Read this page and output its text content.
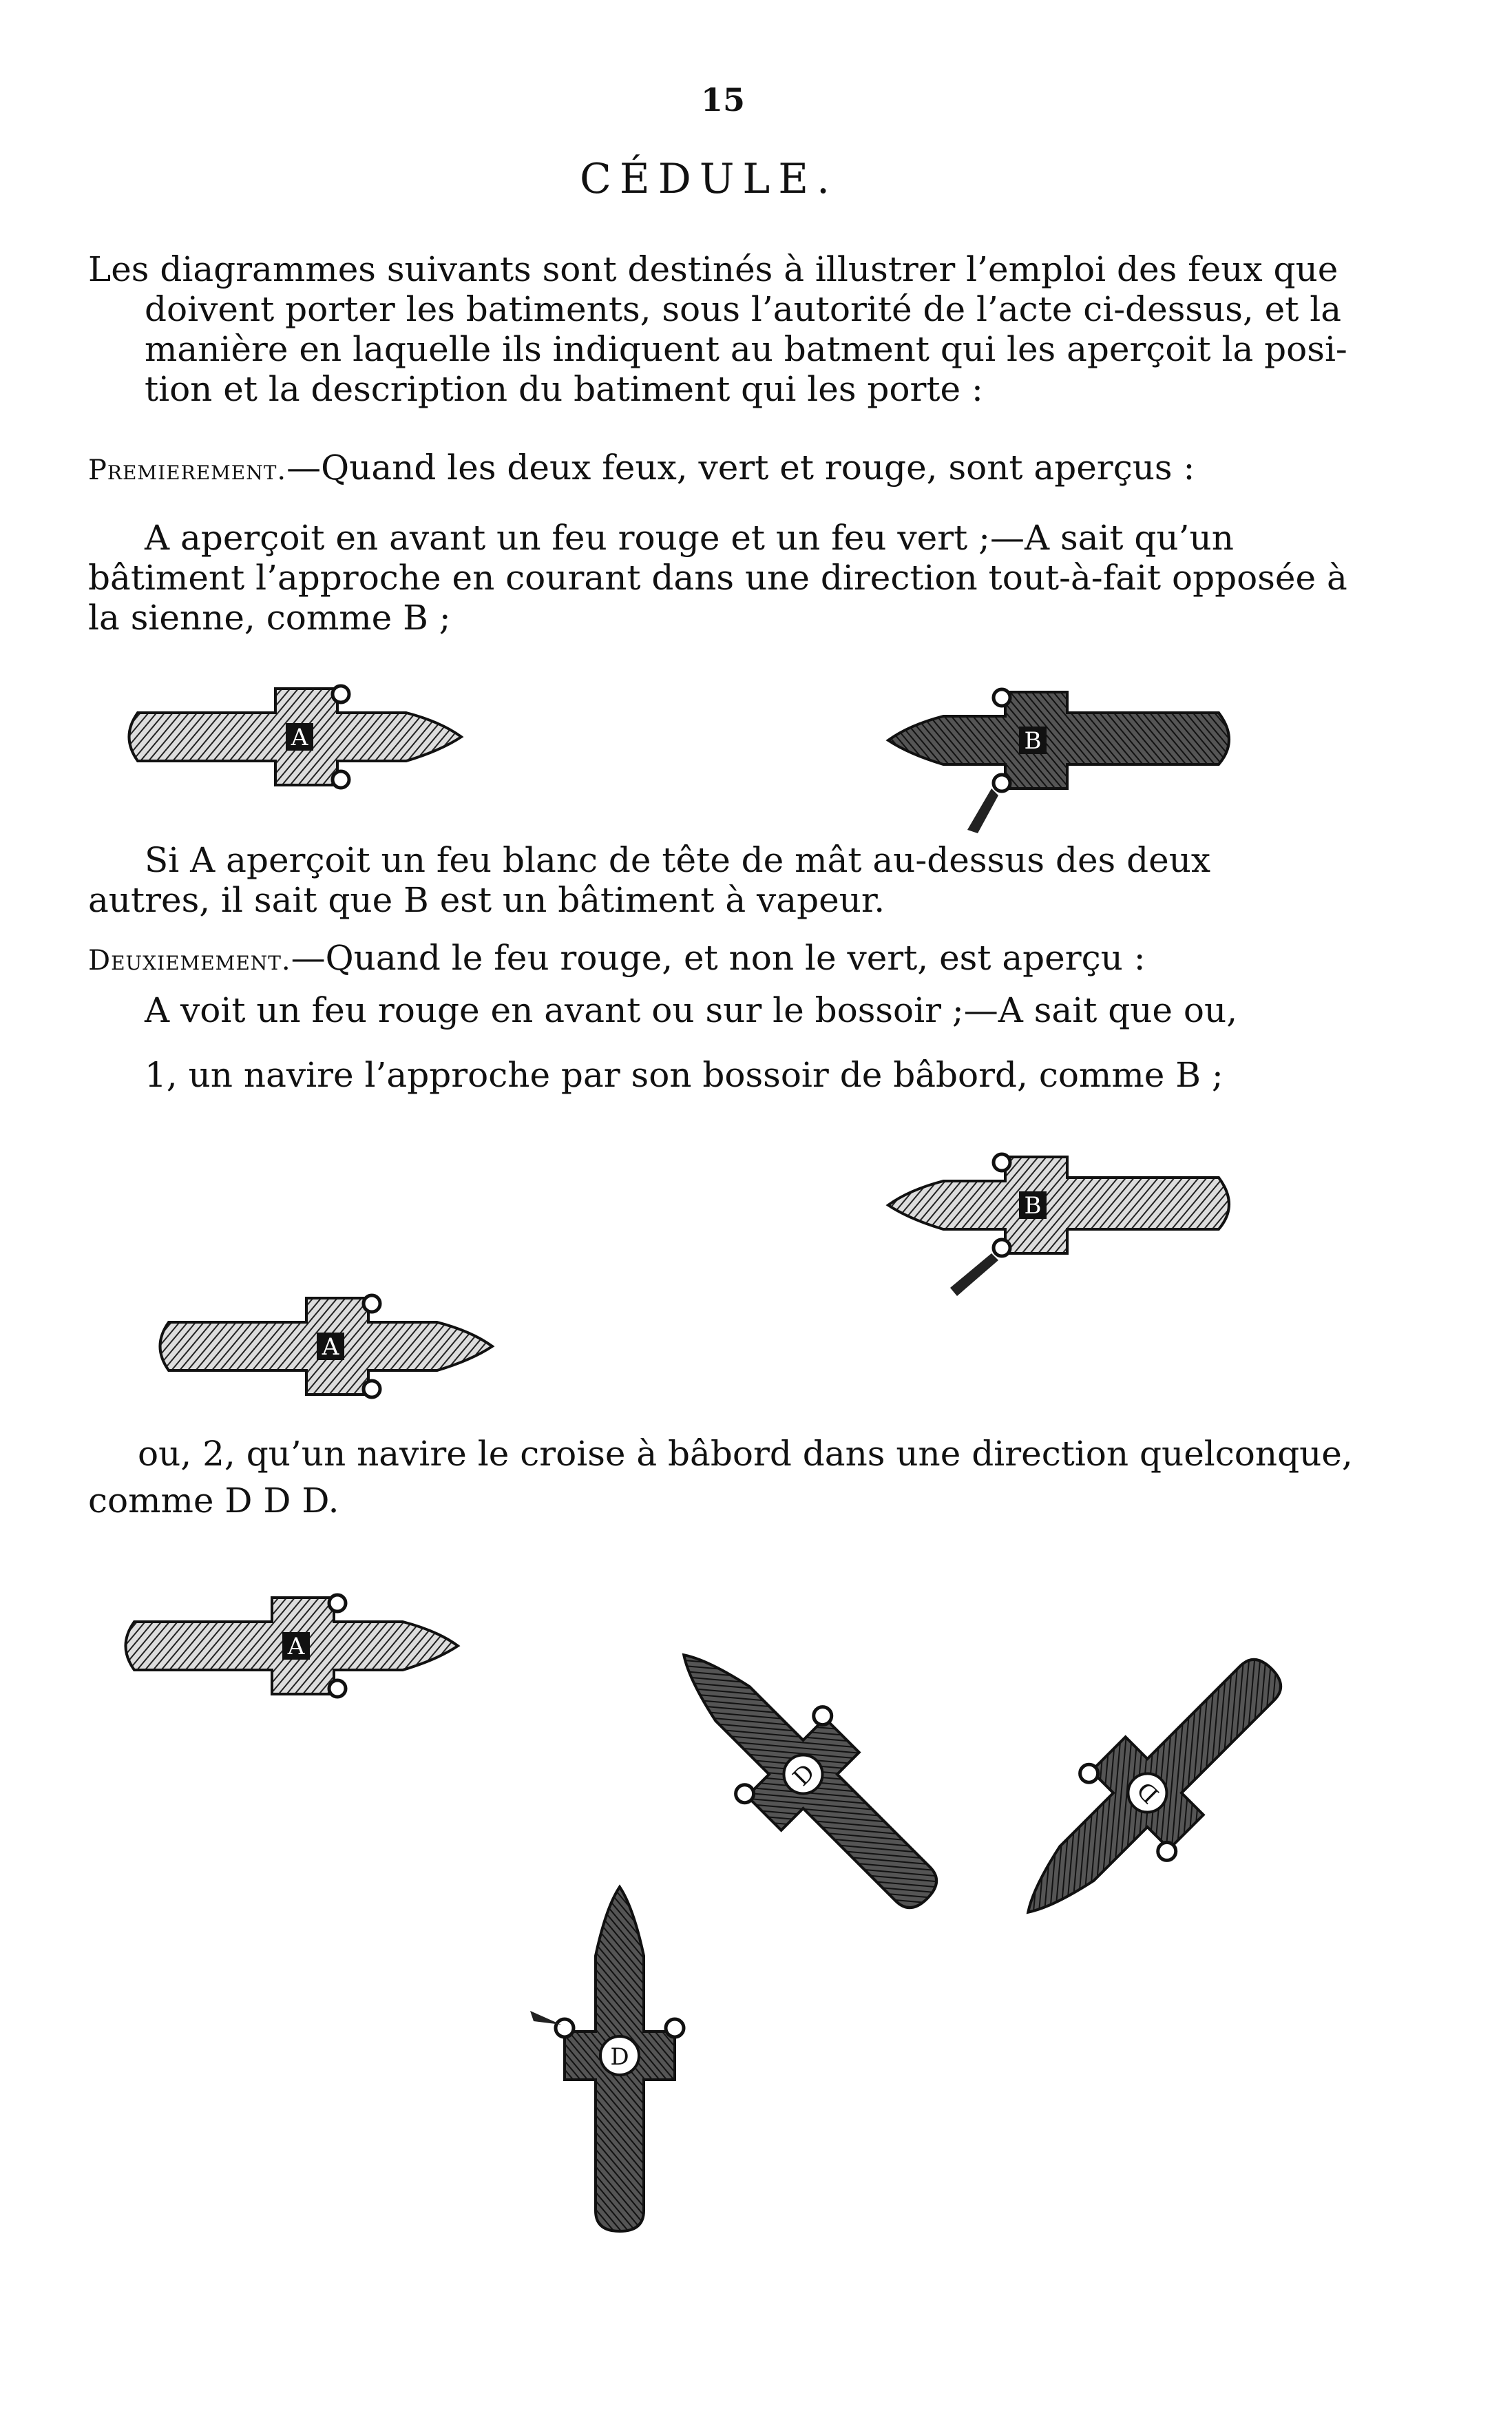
15
CÉDULE.
Les diagrammes suivants sont destinés à illustrer l’emploi des feux que
doivent porter les batiments, sous l’autorité de l’acte ci-dessus, et la
manière en laquelle ils indiquent au batment qui les aperçoit la posi-
tion et la description du batiment qui les porte :
Premierement.—Quand les deux feux, vert et rouge, sont aperçus :
A aperçoit en avant un feu rouge et un feu vert ;—A sait qu’un
bâtiment l’approche en courant dans une direction tout-à-fait opposée à
la sienne, comme B ;
A	B
Si A aperçoit un feu blanc de tête de mât au-dessus des deux
autres, il sait que B est un bâtiment à vapeur.
Deuxiemement.—Quand le feu rouge, et non le vert, est aperçu :
A voit un feu rouge en avant ou sur le bossoir ;—A sait que ou,
1, un navire l’approche par son bossoir de bâbord, comme B ;
B
A
ou, 2, qu’un navire le croise à bâbord dans une direction quelconque,
comme D D D.
A
D
D
D
